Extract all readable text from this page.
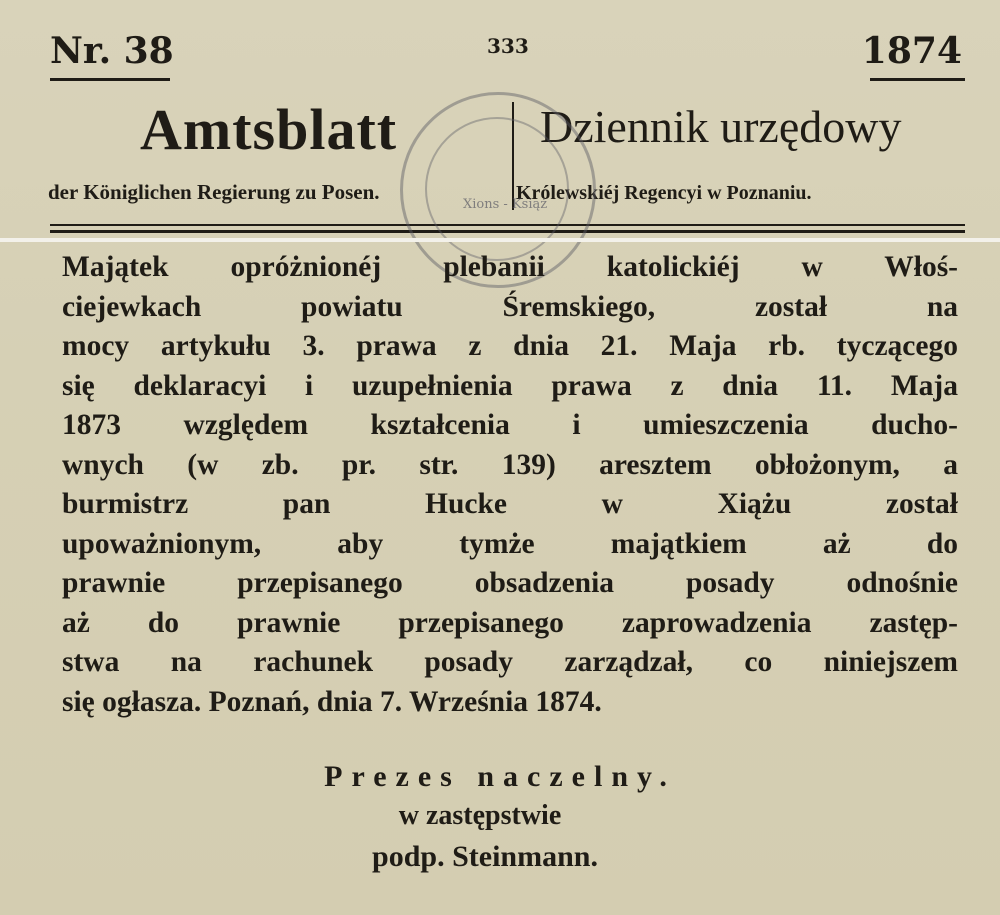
Nr. 38	333	1874
Amtsblatt	Dziennik urzędowy
der Königlichen Regierung zu Posen.	Królewskiéj Regencyi w Poznaniu.
Xions - Książ
Majątek opróżnionéj plebanii katolickiéj w Włoś-
ciejewkach powiatu Śremskiego, został na
mocy artykułu 3. prawa z dnia 21. Maja rb. tyczącego
się deklaracyi i uzupełnienia prawa z dnia 11. Maja
1873 względem kształcenia i umieszczenia ducho-
wnych (w zb. pr. str. 139) aresztem obłożonym, a
burmistrz pan Hucke w Xiążu został
upoważnionym, aby tymże majątkiem aż do
prawnie przepisanego obsadzenia posady odnośnie
aż do prawnie przepisanego zaprowadzenia zastęp-
stwa na rachunek posady zarządzał, co niniejszem
się ogłasza. Poznań, dnia 7. Września 1874.
Prezes naczelny.
w zastępstwie
podp. Steinmann.
